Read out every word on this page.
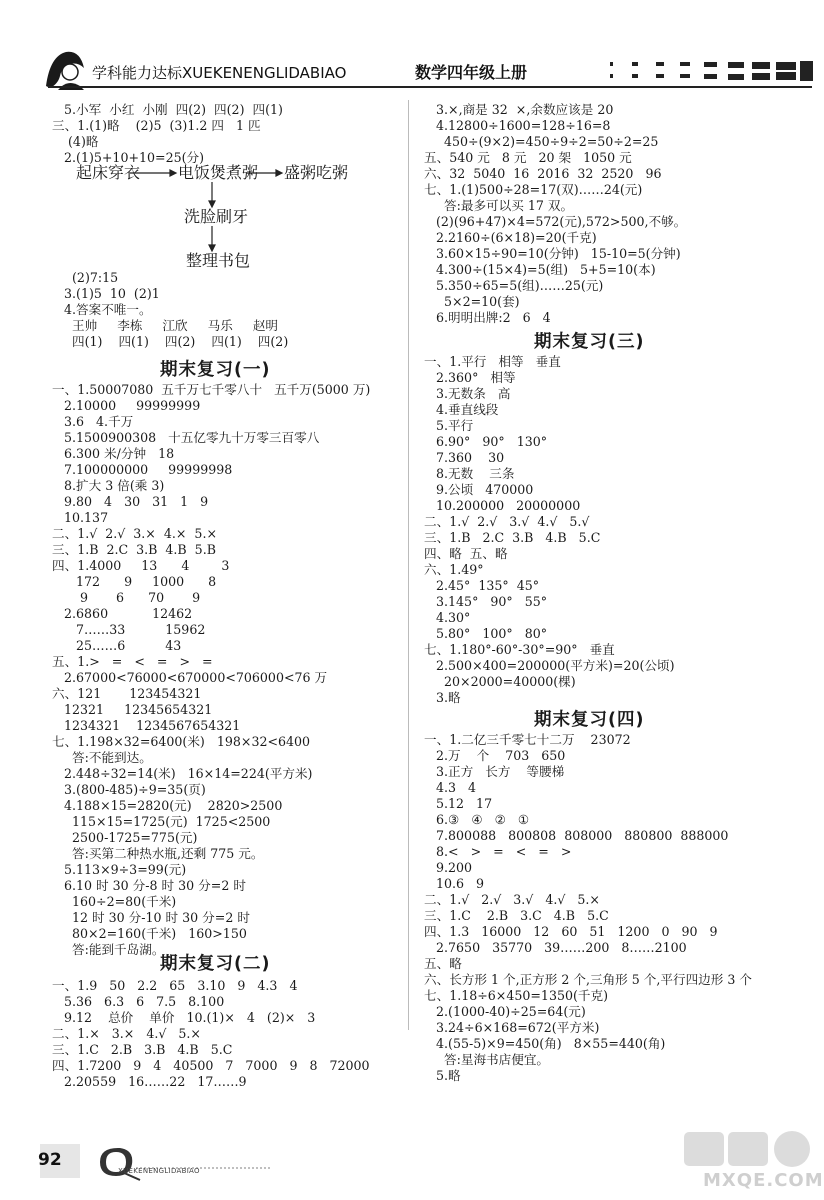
学科能力达标XUEKENENGLIDABIAO	数学四年级上册
5.小军  小红  小刚  四(2)  四(2)  四(1)
三、1.(1)略    (2)5  (3)1.2 四   1 匹
(4)略
2.(1)5+10+10=25(分)
起床穿衣 电饭煲煮粥 盛粥吃粥
洗脸刷牙
整理书包
(2)7:15
3.(1)5  10  (2)1
4.答案不唯一。
王帅     李栋     江欣     马乐     赵明
四(1)    四(1)    四(2)    四(1)    四(2)
期末复习(一)
一、1.50007080  五千万七千零八十   五千万(5000 万)
2.10000     99999999
3.6   4.千万
5.1500900308   十五亿零九十万零三百零八
6.300 米/分钟   18
7.100000000     99999998
8.扩大 3 倍(乘 3)
9.80   4   30   31   1   9
10.137
二、1.√  2.√  3.×  4.×  5.×
三、1.B  2.C  3.B  4.B  5.B
四、1.4000     13      4        3
172      9     1000      8
9       6      70       9
2.6860           12462
7……33          15962
25……6          43
五、1.>   =   <   =   >   =
2.67000<76000<670000<706000<76 万
六、121       123454321
12321     12345654321
1234321    1234567654321
七、1.198×32=6400(米)   198×32<6400
答:不能到达。
2.448÷32=14(米)   16×14=224(平方米)
3.(800-485)÷9=35(页)
4.188×15=2820(元)    2820>2500
115×15=1725(元)  1725<2500
2500-1725=775(元)
答:买第二种热水瓶,还剩 775 元。
5.113×9÷3=99(元)
6.10 时 30 分-8 时 30 分=2 时
160÷2=80(千米)
12 时 30 分-10 时 30 分=2 时
80×2=160(千米)   160>150
答:能到千岛湖。
期末复习(二)
一、1.9   50   2.2   65   3.10   9   4.3   4
5.36   6.3   6   7.5   8.100
9.12    总价    单价   10.(1)×   4   (2)×   3
二、1.×   3.×   4.√   5.×
三、1.C   2.B   3.B   4.B   5.C
四、1.7200   9   4   40500   7   7000   9   8   72000
2.20559   16……22   17……9
3.×,商是 32  ×,余数应该是 20
4.12800÷1600=128÷16=8
450÷(9×2)=450÷9÷2=50÷2=25
五、540 元   8 元   20 架   1050 元
六、32  5040  16  2016  32  2520   96
七、1.(1)500÷28=17(双)……24(元)
答:最多可以买 17 双。
(2)(96+47)×4=572(元),572>500,不够。
2.2160÷(6×18)=20(千克)
3.60×15÷90=10(分钟)   15-10=5(分钟)
4.300÷(15×4)=5(组)   5+5=10(本)
5.350÷65=5(组)……25(元)
5×2=10(套)
6.明明出牌:2   6   4
期末复习(三)
一、1.平行   相等   垂直
2.360°   相等
3.无数条   高
4.垂直线段
5.平行
6.90°   90°   130°
7.360    30
8.无数    三条
9.公顷   470000
10.200000   20000000
二、1.√  2.√   3.√  4.√   5.√
三、1.B   2.C  3.B   4.B   5.C
四、略  五、略
六、1.49°
2.45°  135°  45°
3.145°   90°   55°
4.30°
5.80°   100°   80°
七、1.180°-60°-30°=90°   垂直
2.500×400=200000(平方米)=20(公顷)
20×2000=40000(棵)
3.略
期末复习(四)
一、1.二亿三千零七十二万    23072
2.万    个    703   650
3.正方   长方    等腰梯
4.3   4
5.12   17
6.③   ④   ②   ①
7.800088   800808  808000   880800  888000
8.<   >   =   <   =   >
9.200
10.6   9
二、1.√   2.√   3.√   4.√   5.×
三、1.C    2.B   3.C   4.B   5.C
四、1.3   16000   12   60   51   1200   0   90   9
2.7650   35770   39……200   8……2100
五、略
六、长方形 1 个,正方形 2 个,三角形 5 个,平行四边形 3 个
七、1.18÷6×450=1350(千克)
2.(1000-40)÷25=64(元)
3.24÷6×168=672(平方米)
4.(55-5)×9=450(角)   8×55=440(角)
答:星海书店便宜。
5.略
92
XUEKENENGLIDABIAO	MXQE.COM
